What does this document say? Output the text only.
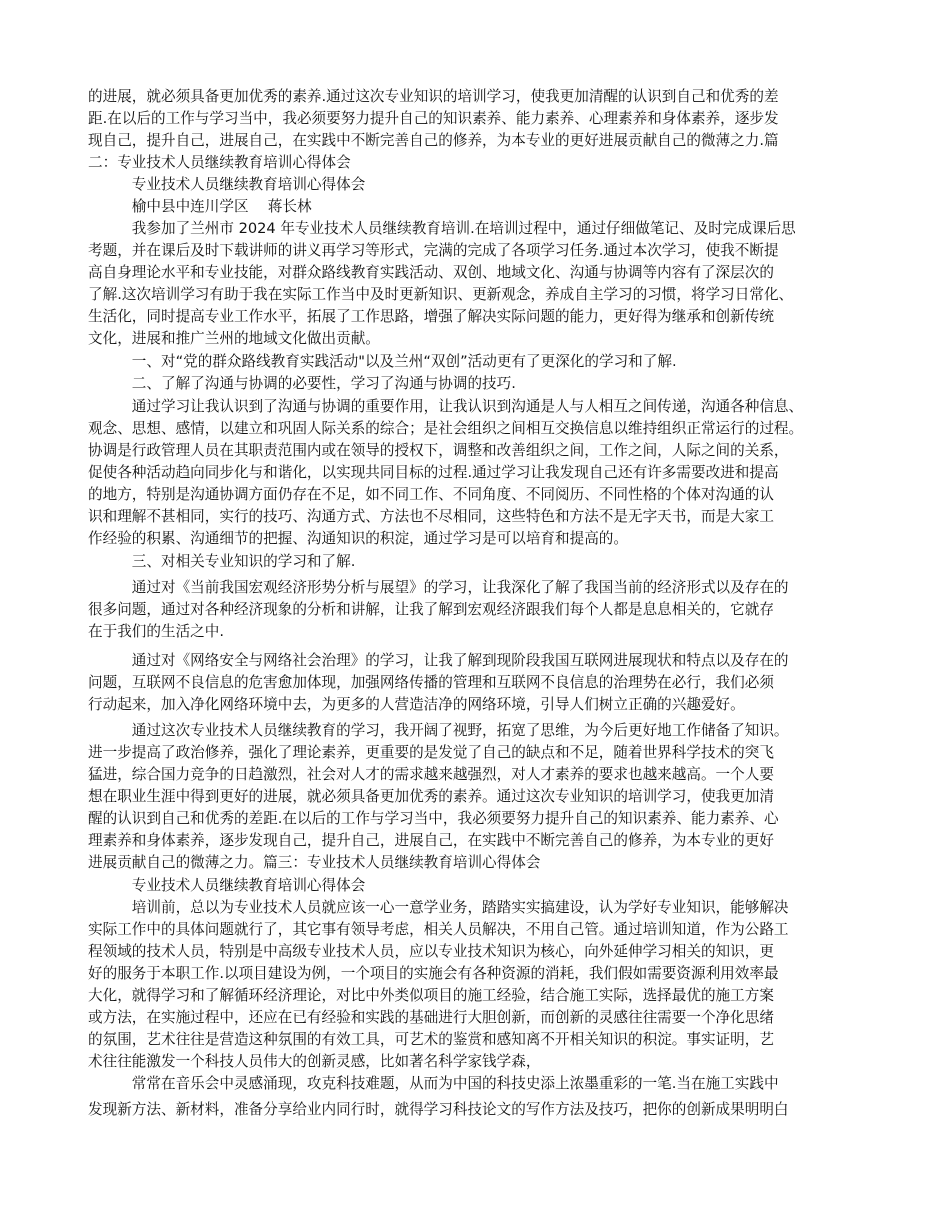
的进展，就必须具备更加优秀的素养.通过这次专业知识的培训学习，使我更加清醒的认识到自己和优秀的差
距.在以后的工作与学习当中，我必须要努力提升自己的知识素养、能力素养、心理素养和身体素养，逐步发
现自己，提升自己，进展自己，在实践中不断完善自己的修养，为本专业的更好进展贡献自己的微薄之力.篇
二：专业技术人员继续教育培训心得体会
　　　专业技术人员继续教育培训心得体会
　　　榆中县中连川学区　 蒋长林
　　　我参加了兰州市 2024 年专业技术人员继续教育培训.在培训过程中，通过仔细做笔记、及时完成课后思
考题，并在课后及时下载讲师的讲义再学习等形式，完满的完成了各项学习任务.通过本次学习，使我不断提
高自身理论水平和专业技能，对群众路线教育实践活动、双创、地域文化、沟通与协调等内容有了深层次的
了解.这次培训学习有助于我在实际工作当中及时更新知识、更新观念，养成自主学习的习惯，将学习日常化、
生活化，同时提高专业工作水平，拓展了工作思路，增强了解决实际问题的能力，更好得为继承和创新传统
文化，进展和推广兰州的地域文化做出贡献。
　　　一、对“党的群众路线教育实践活动"以及兰州“双创”活动更有了更深化的学习和了解.
　　　二、了解了沟通与协调的必要性，学习了沟通与协调的技巧.
　　　通过学习让我认识到了沟通与协调的重要作用，让我认识到沟通是人与人相互之间传递，沟通各种信息、
观念、思想、感情，以建立和巩固人际关系的综合；是社会组织之间相互交换信息以维持组织正常运行的过程。
协调是行政管理人员在其职责范围内或在领导的授权下，调整和改善组织之间，工作之间，人际之间的关系，
促使各种活动趋向同步化与和谐化，以实现共同目标的过程.通过学习让我发现自己还有许多需要改进和提高
的地方，特别是沟通协调方面仍存在不足，如不同工作、不同角度、不同阅历、不同性格的个体对沟通的认
识和理解不甚相同，实行的技巧、沟通方式、方法也不尽相同，这些特色和方法不是无字天书，而是大家工
作经验的积累、沟通细节的把握、沟通知识的积淀，通过学习是可以培育和提高的。
　　　三、对相关专业知识的学习和了解.
　　　通过对《当前我国宏观经济形势分析与展望》的学习，让我深化了解了我国当前的经济形式以及存在的
很多问题，通过对各种经济现象的分析和讲解，让我了解到宏观经济跟我们每个人都是息息相关的，它就存
在于我们的生活之中.
　　　通过对《网络安全与网络社会治理》的学习，让我了解到现阶段我国互联网进展现状和特点以及存在的
问题，互联网不良信息的危害愈加体现，加强网络传播的管理和互联网不良信息的治理势在必行，我们必须
行动起来，加入净化网络环境中去，为更多的人营造洁净的网络环境，引导人们树立正确的兴趣爱好。
　　　通过这次专业技术人员继续教育的学习，我开阔了视野，拓宽了思维，为今后更好地工作储备了知识。
进一步提高了政治修养，强化了理论素养，更重要的是发觉了自己的缺点和不足，随着世界科学技术的突飞
猛进，综合国力竞争的日趋激烈，社会对人才的需求越来越强烈，对人才素养的要求也越来越高。一个人要
想在职业生涯中得到更好的进展，就必须具备更加优秀的素养。通过这次专业知识的培训学习，使我更加清
醒的认识到自己和优秀的差距.在以后的工作与学习当中，我必须要努力提升自己的知识素养、能力素养、心
理素养和身体素养，逐步发现自己，提升自己，进展自己，在实践中不断完善自己的修养，为本专业的更好
进展贡献自己的微薄之力。篇三：专业技术人员继续教育培训心得体会
　　　专业技术人员继续教育培训心得体会
　　　培训前，总以为专业技术人员就应该一心一意学业务，踏踏实实搞建设，认为学好专业知识，能够解决
实际工作中的具体问题就行了，其它事有领导考虑，相关人员解决，不用自己管。通过培训知道，作为公路工
程领域的技术人员，特别是中高级专业技术人员，应以专业技术知识为核心，向外延伸学习相关的知识，更
好的服务于本职工作.以项目建设为例，一个项目的实施会有各种资源的消耗，我们假如需要资源利用效率最
大化，就得学习和了解循环经济理论，对比中外类似项目的施工经验，结合施工实际，选择最优的施工方案
或方法，在实施过程中，还应在已有经验和实践的基础进行大胆创新，而创新的灵感往往需要一个净化思绪
的氛围，艺术往往是营造这种氛围的有效工具，可艺术的鉴赏和感知离不开相关知识的积淀。事实证明，艺
术往往能激发一个科技人员伟大的创新灵感，比如著名科学家钱学森，
　　　常常在音乐会中灵感涌现，攻克科技难题，从而为中国的科技史添上浓墨重彩的一笔.当在施工实践中
发现新方法、新材料，准备分享给业内同行时，就得学习科技论文的写作方法及技巧，把你的创新成果明明白
